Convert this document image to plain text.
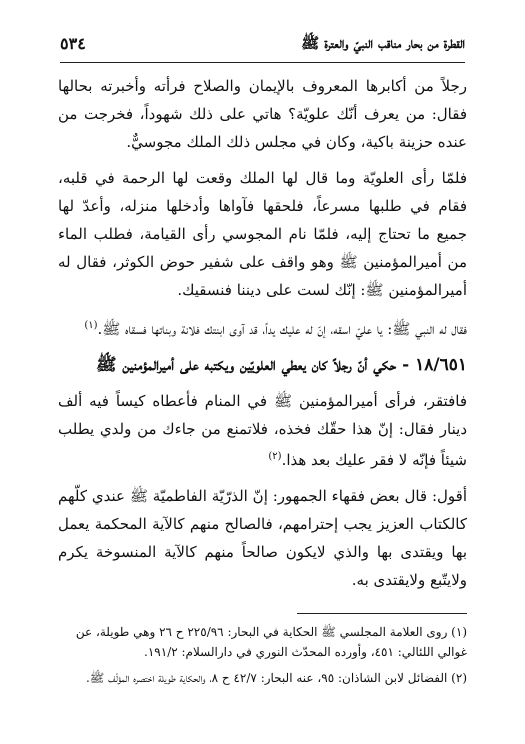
القطرة من بحار مناقب النبيّ والعترة ﷺ
٥٣٤

رجلاً من أكابرها المعروف بالإيمان والصلاح فرأته وأخبرته بحالها فقال: من يعرف أنّك علويّة؟ هاتي على ذلك شهوداً، فخرجت من عنده حزينة باكية، وكان في مجلس ذلك الملك مجوسيٌّ.

فلمّا رأى العلويّة وما قال لها الملك وقعت لها الرحمة في قلبه، فقام في طلبها مسرعاً، فلحقها فآواها وأدخلها منزله، وأعدّ لها جميع ما تحتاج إليه، فلمّا نام المجوسي رأى القيامة، فطلب الماء من أميرالمؤمنين ﷺ وهو واقف على شفير حوض الكوثر، فقال له أميرالمؤمنين ﷺ: إنّك لست على ديننا فنسقيك.

فقال له النبي ﷺ: يا عليّ اسقه، إنّ له عليك يداً، قد آوى ابنتك فلانة وبناتها فسقاه ﷺ.$^{(١)}$

١٨/٦٥١ - حكي أنّ رجلاً كان يعطي العلويّين ويكتبه على أميرالمؤمنين ﷺ

فافتقر، فرأى أميرالمؤمنين ﷺ في المنام فأعطاه كيساً فيه ألف دينار فقال: إنّ هذا حقّك فخذه، فلاتمنع من جاءك من ولدي يطلب شيئاً فإنّه لا فقر عليك بعد هذا.$^{(٢)}$

أقول: قال بعض فقهاء الجمهور: إنّ الذرّيّة الفاطميّة ﷺ عندي كلّهم كالكتاب العزيز يجب إحترامهم، فالصالح منهم كالآية المحكمة يعمل بها ويقتدى بها والذي لايكون صالحاً منهم كالآية المنسوخة يكرم ولايتّبع ولايقتدى به.

(١) روى العلامة المجلسي ﷺ الحكاية في البحار: ٢٢٥/٩٦ ح ٢٦ وهي طويلة، عن غوالي اللئالي: ٤٥١، وأورده المحدّث النوري في دارالسلام: ١٩١/٢.

(٢) الفضائل لابن الشاذان: ٩٥، عنه البحار: ٤٢/٧ ح ٨، والحكاية طويلة اختصره المؤلّف ﷺ.
